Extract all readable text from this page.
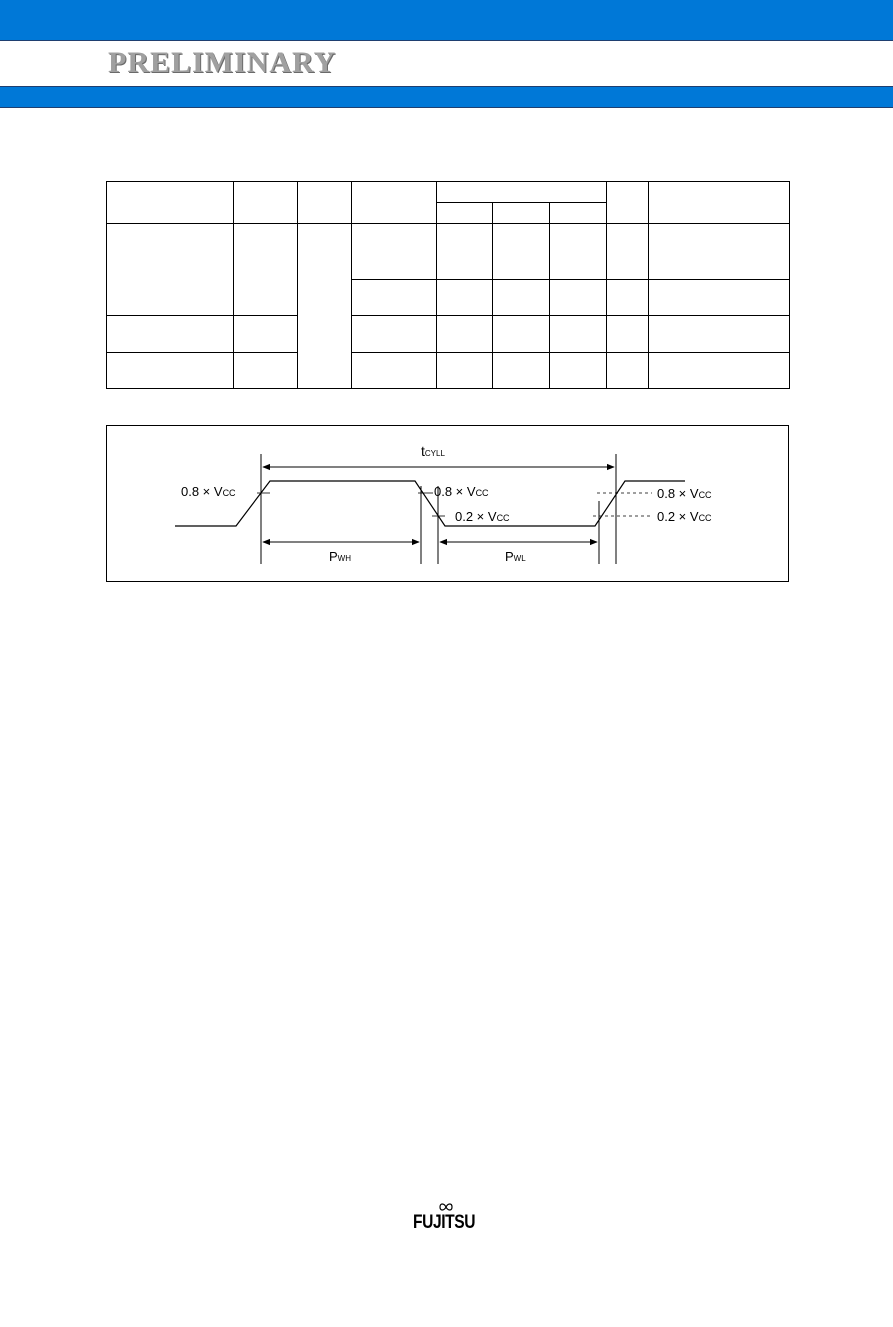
PRELIMINARY

tCYLL
0.8 × VCC	0.8 × VCC
0.2 × VCC
0.8 × VCC
0.2 × VCC
PWH	PWL
FUJITSU
